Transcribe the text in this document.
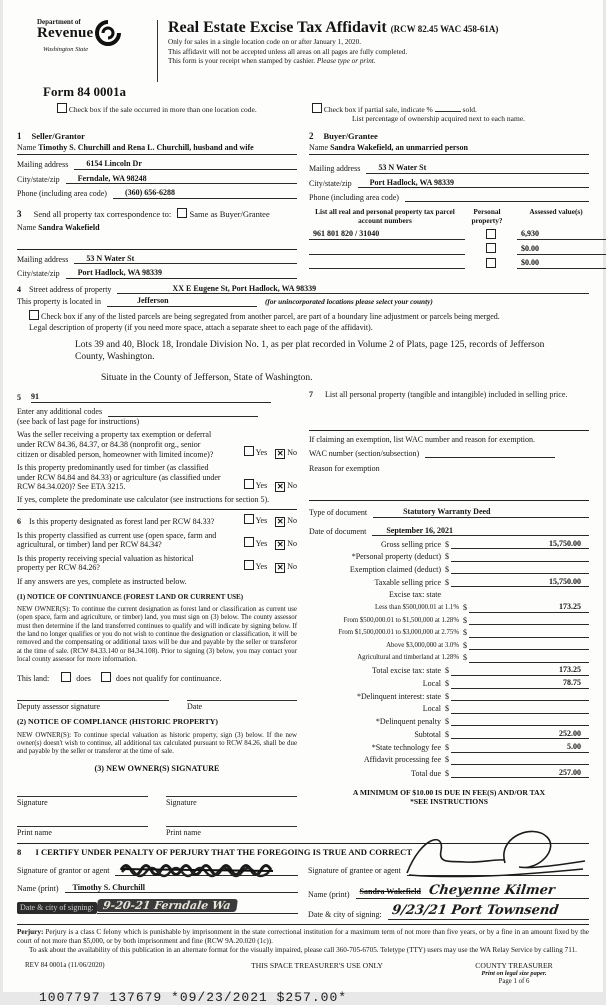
Department of
Revenue
Washington State
Real Estate Excise Tax Affidavit (RCW 82.45 WAC 458-61A)
Only for sales in a single location code on or after January 1, 2020.
This affidavit will not be accepted unless all areas on all pages are fully completed.
This form is your receipt when stamped by cashier. Please type or print.
Form 84 0001a
Check box if the sale occurred in more than one location code.	Check box if partial sale, indicate %	sold.
List percentage of ownership acquired next to each name.
1 Seller/Grantor
Name Timothy S. Churchill and Rena L. Churchill, husband and wife
Mailing address	6154 Lincoln Dr
City/state/zip	Ferndale, WA 98248
Phone (including area code)	(360) 656-6288
2 Buyer/Grantee
Name Sandra Wakefield, an unmarried person
Mailing address	53 N Water St
City/state/zip	Port Hadlock, WA 98339
Phone (including area code)
3 Send all property tax correspondence to: Same as Buyer/Grantee
Name Sandra Wakefield
Mailing address	53 N Water St
City/state/zip	Port Hadlock, WA 98339
List all real and personal property tax parcel account numbers
Personal property?
Assessed value(s)
961 801 820 / 31040	6,930
$0.00
$0.00
4 Street address of property	XX E Eugene St, Port Hadlock, WA 98339
This property is located in	Jefferson	(for unincorporated locations please select your county)
Check box if any of the listed parcels are being segregated from another parcel, are part of a boundary line adjustment or parcels being merged.
Legal description of property (if you need more space, attach a separate sheet to each page of the affidavit).
Lots 39 and 40, Block 18, Irondale Division No. 1, as per plat recorded in Volume 2 of Plats, page 125, records of Jefferson County, Washington.
Situate in the County of Jefferson, State of Washington.
5 91
Enter any additional codes
(see back of last page for instructions)
Was the seller receiving a property tax exemption or deferral under RCW 84.36, 84.37, or 84.38 (nonprofit org., senior citizen or disabled person, homeowner with limited income)?	Yes ✕ No
Is this property predominantly used for timber (as classified under RCW 84.84 and 84.33) or agriculture (as classified under RCW 84.34.020)? See ETA 3215.	Yes ✕ No
If yes, complete the predominate use calculator (see instructions for section 5).
6 Is this property designated as forest land per RCW 84.33?	Yes ✕ No
Is this property classified as current use (open space, farm and agricultural, or timber) land per RCW 84.34?	Yes ✕ No
Is this property receiving special valuation as historical property per RCW 84.26?	Yes ✕ No
If any answers are yes, complete as instructed below.
(1) NOTICE OF CONTINUANCE (FOREST LAND OR CURRENT USE)
NEW OWNER(S): To continue the current designation as forest land or classification as current use (open space, farm and agriculture, or timber) land, you must sign on (3) below. The county assessor must then determine if the land transferred continues to qualify and will indicate by signing below. If the land no longer qualifies or you do not wish to continue the designation or classification, it will be removed and the compensating or additional taxes will be due and payable by the seller or transferor at the time of sale. (RCW 84.33.140 or 84.34.108). Prior to signing (3) below, you may contact your local county assessor for more information.
This land:	does	does not qualify for continuance.
Deputy assessor signature	Date
(2) NOTICE OF COMPLIANCE (HISTORIC PROPERTY)
NEW OWNER(S): To continue special valuation as historic property, sign (3) below. If the new owner(s) doesn't wish to continue, all additional tax calculated pursuant to RCW 84.26, shall be due and payable by the seller or transferor at the time of sale.
(3) NEW OWNER(S) SIGNATURE
Signature	Signature
Print name	Print name
7 List all personal property (tangible and intangible) included in selling price.
If claiming an exemption, list WAC number and reason for exemption.
WAC number (section/subsection)
Reason for exemption
Type of document	Statutory Warranty Deed
Date of document	September 16, 2021
Gross selling price $	15,750.00
*Personal property (deduct) $
Exemption claimed (deduct) $
Taxable selling price $	15,750.00
Excise tax: state
Less than $500,000.01 at 1.1% $	173.25
From $500,000.01 to $1,500,000 at 1.28% $
From $1,500,000.01 to $3,000,000 at 2.75% $
Above $3,000,000 at 3.0% $
Agricultural and timberland at 1.28% $
Total excise tax: state $	173.25
Local $	78.75
*Delinquent interest: state $
Local $
*Delinquent penalty $
Subtotal $	252.00
*State technology fee $	5.00
Affidavit processing fee $
Total due $	257.00
A MINIMUM OF $10.00 IS DUE IN FEE(S) AND/OR TAX
*SEE INSTRUCTIONS
8 I CERTIFY UNDER PENALTY OF PERJURY THAT THE FOREGOING IS TRUE AND CORRECT
Signature of grantor or agent
Name (print)	Timothy S. Churchill
Date & city of signing: 9-20-21 Ferndale Wa
Signature of grantee or agent
Name (print)	Sandra Wakefield Cheyenne Kilmer
Date & city of signing: 9/23/21 Port Townsend
Perjury: Perjury is a class C felony which is punishable by imprisonment in the state correctional institution for a maximum term of not more than five years, or by a fine in an amount fixed by the court of not more than $5,000, or by both imprisonment and fine (RCW 9A.20.020 (1c)).
To ask about the availability of this publication in an alternate format for the visually impaired, please call 360-705-6705. Teletype (TTY) users may use the WA Relay Service by calling 711.
REV 84 0001a (11/06/2020)	THIS SPACE TREASURER'S USE ONLY	COUNTY TREASURER
Print on legal size paper.
Page 1 of 6
1007797 137679 *09/23/2021 $257.00*
